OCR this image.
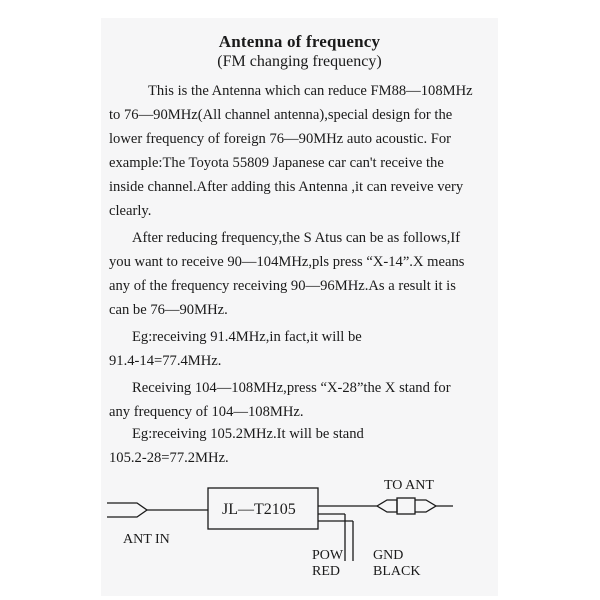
Antenna of frequency
(FM changing frequency)
This is the Antenna which can reduce FM88—108MHz
to 76—90MHz(All channel antenna),special design for the
lower frequency of foreign 76—90MHz auto acoustic. For
example:The Toyota 55809 Japanese car can't receive the
inside channel.After adding this Antenna ,it can reveive very
clearly.
After reducing frequency,the S Atus can be as follows,If
you want to receive 90—104MHz,pls press “X-14”.X means
any of the frequency receiving 90—96MHz.As a result it is
can be 76—90MHz.
Eg:receiving 91.4MHz,in fact,it will be
91.4-14=77.4MHz.
Receiving 104—108MHz,press “X-28”the X stand for
any frequency of 104—108MHz.
JL—T2105
TO ANT
ANT IN
POW
RED
GND
BLACK
Eg:receiving 105.2MHz.It will be stand
105.2-28=77.2MHz.
